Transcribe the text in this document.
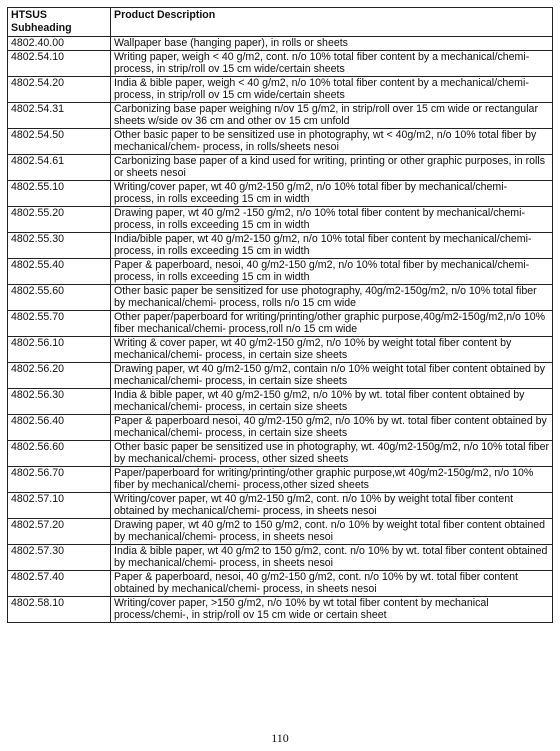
HTSUS
Subheading	Product Description
4802.40.00	Wallpaper base (hanging paper), in rolls or sheets
4802.54.10	Writing paper, weigh < 40 g/m2, cont. n/o 10% total fiber content by a mechanical/chemi- process, in strip/roll ov 15 cm wide/certain sheets
4802.54.20	India & bible paper, weigh < 40 g/m2, n/o 10% total fiber content by a mechanical/chemi- process, in strip/roll ov 15 cm wide/certain sheets
4802.54.31	Carbonizing base paper weighing n/ov 15 g/m2, in strip/roll over 15 cm wide or rectangular sheets w/side ov 36 cm and other ov 15 cm unfold
4802.54.50	Other basic paper to be sensitized use in photography, wt < 40g/m2, n/o 10% total fiber by mechanical/chem- process, in rolls/sheets nesoi
4802.54.61	Carbonizing base paper of a kind used for writing, printing or other graphic purposes, in rolls or sheets nesoi
4802.55.10	Writing/cover paper, wt 40 g/m2-150 g/m2, n/o 10% total fiber by mechanical/chemi- process, in rolls exceeding 15 cm in width
4802.55.20	Drawing paper, wt 40 g/m2 -150 g/m2, n/o 10% total fiber content by mechanical/chemi- process, in rolls exceeding 15 cm in width
4802.55.30	India/bible paper, wt 40 g/m2-150 g/m2, n/o 10% total fiber content by mechanical/chemi- process, in rolls exceeding 15 cm in width
4802.55.40	Paper & paperboard, nesoi, 40 g/m2-150 g/m2, n/o 10% total fiber by mechanical/chemi- process, in rolls exceeding 15 cm in width
4802.55.60	Other basic paper be sensitized for use photography, 40g/m2-150g/m2, n/o 10% total fiber by mechanical/chemi- process, rolls n/o 15 cm wide
4802.55.70	Other paper/paperboard for writing/printing/other graphic purpose,40g/m2-150g/m2,n/o 10% fiber mechanical/chemi- process,roll n/o 15 cm wide
4802.56.10	Writing & cover paper, wt 40 g/m2-150 g/m2, n/o 10% by weight total fiber content by mechanical/chemi- process, in certain size sheets
4802.56.20	Drawing paper, wt 40 g/m2-150 g/m2, contain n/o 10% weight total fiber content obtained by mechanical/chemi- process, in certain size sheets
4802.56.30	India & bible paper, wt 40 g/m2-150 g/m2, n/o 10% by wt. total fiber content obtained by mechanical/chemi- process, in certain size sheets
4802.56.40	Paper & paperboard nesoi, 40 g/m2-150 g/m2, n/o 10% by wt. total fiber content obtained by mechanical/chemi- process, in certain size sheets
4802.56.60	Other basic paper be sensitized use in photography, wt. 40g/m2-150g/m2, n/o 10% total fiber by mechanical/chemi- process, other sized sheets
4802.56.70	Paper/paperboard for writing/printing/other graphic purpose,wt 40g/m2-150g/m2, n/o 10% fiber by mechanical/chemi- process,other sized sheets
4802.57.10	Writing/cover paper, wt 40 g/m2-150 g/m2, cont. n/o 10% by weight total fiber content obtained by mechanical/chemi- process, in sheets nesoi
4802.57.20	Drawing paper, wt 40 g/m2 to 150 g/m2, cont. n/o 10% by weight total fiber content obtained by mechanical/chemi- process, in sheets nesoi
4802.57.30	India & bible paper, wt 40 g/m2 to 150 g/m2, cont. n/o 10% by wt. total fiber content obtained by mechanical/chemi- process, in sheets nesoi
4802.57.40	Paper & paperboard, nesoi, 40 g/m2-150 g/m2, cont. n/o 10% by wt. total fiber content obtained by mechanical/chemi- process, in sheets nesoi
4802.58.10	Writing/cover paper, >150 g/m2, n/o 10% by wt total fiber content by mechanical process/chemi-, in strip/roll ov 15 cm wide or certain sheet
110
